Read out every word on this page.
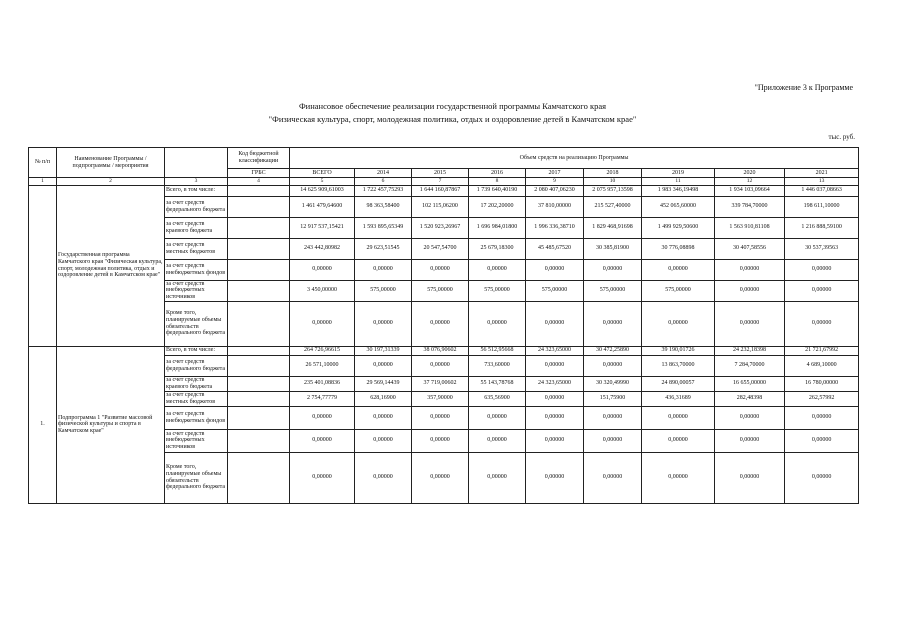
"Приложение 3 к Программе
Финансовое обеспечение реализации государственной программы Камчатского края
"Физическая культура, спорт, молодежная политика, отдых и оздоровление детей в Камчатском крае"
тыс. руб.
№ п/п	Наименование Программы / подпрограммы / мероприятия		Код бюджетной классификации	Объем средств на реализацию Программы								
			ГРБС	ВСЕГО	2014	2015	2016	2017	2018	2019	2020	2021
1	2	3	4	5	6	7	8	9	10	11	12	13
	Государственная программа Камчатского края "Физическая культура, спорт, молодежная политика, отдых и оздоровление детей в Камчатском крае"	Всего, в том числе:		14 625 909,61003	1 722 457,75293	1 644 160,87867	1 739 640,40190	2 080 407,06230	2 075 957,13598	1 983 346,19498	1 934 103,09664	1 446 037,08663
		за счет средств федерального бюджета		1 461 479,64600	98 363,58400	102 115,06200	17 202,20000	37 810,00000	215 527,40000	452 065,60000	339 784,70000	198 611,10000
		за счет средств краевого бюджета		12 917 537,15421	1 593 895,65349	1 520 923,26967	1 696 984,01800	1 996 336,38710	1 829 468,91698	1 499 929,50600	1 563 910,81108	1 216 888,59100
		за счет средств местных бюджетов		243 442,80982	29 623,51545	20 547,54700	25 679,18300	45 485,67520	30 385,81900	30 776,08898	30 407,58556	30 537,39563
		за счет средств внебюджетных фондов		0,00000	0,00000	0,00000	0,00000	0,00000	0,00000	0,00000	0,00000	0,00000
		за счет средств внебюджетных источников		3 450,00000	575,00000	575,00000	575,00000	575,00000	575,00000	575,00000	0,00000	0,00000
		Кроме того, планируемые объемы обязательств федерального бюджета		0,00000	0,00000	0,00000	0,00000	0,00000	0,00000	0,00000	0,00000	0,00000
1.	Подпрограмма 1 "Развитие массовой физической культуры и спорта в Камчатском крае"	Всего, в том числе:		264 726,96615	30 197,31339	38 076,90602	56 512,95668	24 323,65000	30 472,25890	39 190,01726	24 232,18398	21 721,67992
		за счет средств федерального бюджета		26 571,10000	0,00000	0,00000	733,60000	0,00000	0,00000	13 863,70000	7 284,70000	4 689,10000
		за счет средств краевого бюджета		235 401,08836	29 569,14439	37 719,00602	55 143,78768	24 323,65000	30 320,49990	24 890,00057	16 655,00000	16 780,00000
		за счет средств местных бюджетов		2 754,77779	628,16900	357,90000	635,56900	0,00000	151,75900	436,31689	282,48398	262,57992
		за счет средств внебюджетных фондов		0,00000	0,00000	0,00000	0,00000	0,00000	0,00000	0,00000	0,00000	0,00000
		за счет средств внебюджетных источников		0,00000	0,00000	0,00000	0,00000	0,00000	0,00000	0,00000	0,00000	0,00000
		Кроме того, планируемые объемы обязательств федерального бюджета		0,00000	0,00000	0,00000	0,00000	0,00000	0,00000	0,00000	0,00000	0,00000
